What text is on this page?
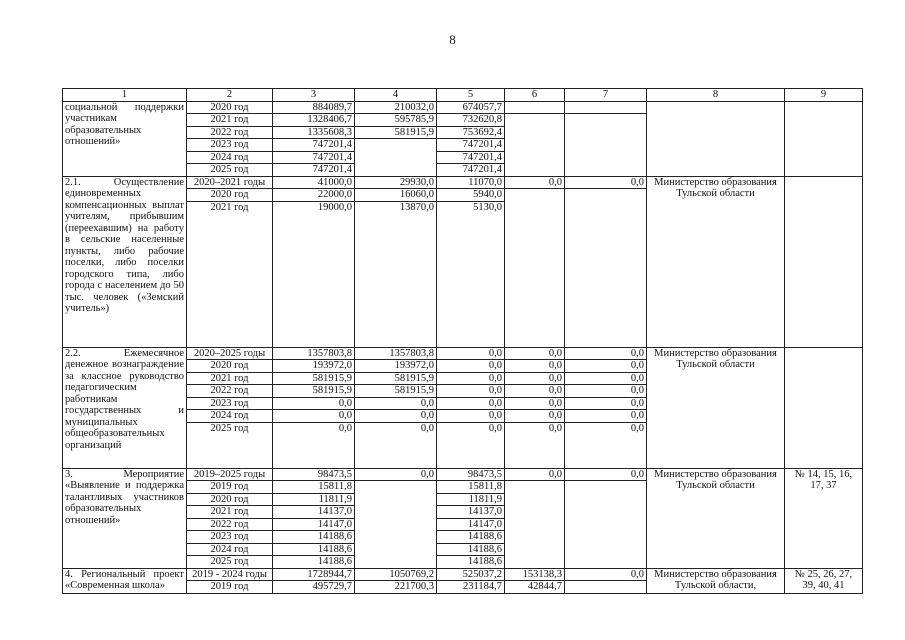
8
1	2	3	4	5	6	7	8	9
социальной поддержки участникам образовательных отношений»	2020 год	884089,7	210032,0	674057,7				
	2021 год	1328406,7	595785,9	732620,8				
	2022 год	1335608,3	581915,9	753692,4				
	2023 год	747201,4		747201,4				
	2024 год	747201,4		747201,4				
	2025 год	747201,4		747201,4				
2.1. Осуществление единовременных компенсационных выплат учителям, прибывшим (переехавшим) на работу в сельские населенные пункты, либо рабочие поселки, либо поселки городского типа, либо города с населением до 50 тыс. человек («Земский учитель»)	2020–2021 годы	41000,0	29930,0	11070,0	0,0	0,0	Министерство образования Тульской области	
	2020 год	22000,0	16060,0	5940,0				
	2021 год	19000,0	13870,0	5130,0				
2.2. Ежемесячное денежное вознаграждение за классное руководство педагогическим работникам государственных и муниципальных общеобразовательных организаций	2020–2025 годы	1357803,8	1357803,8	0,0	0,0	0,0	Министерство образования Тульской области	
	2020 год	193972,0	193972,0	0,0	0,0	0,0		
	2021 год	581915,9	581915,9	0,0	0,0	0,0		
	2022 год	581915,9	581915,9	0,0	0,0	0,0		
	2023 год	0,0	0,0	0,0	0,0	0,0		
	2024 год	0,0	0,0	0,0	0,0	0,0		
	2025 год	0,0	0,0	0,0	0,0	0,0		

3. Мероприятие «Выявление и поддержка талантливых участников образовательных отношений»	2019–2025 годы	98473,5	0,0	98473,5	0,0	0,0	Министерство образования Тульской области	№ 14, 15, 16, 17, 37
	2019 год	15811,8		15811,8				
	2020 год	11811,9		11811,9				
	2021 год	14137,0		14137,0				
	2022 год	14147,0		14147,0				
	2023 год	14188,6		14188,6				
	2024 год	14188,6		14188,6				
	2025 год	14188,6		14188,6				
4. Региональный проект «Современная школа»	2019 - 2024 годы	1728944,7	1050769,2	525037,2	153138,3	0,0	Министерство образования Тульской области,	№ 25, 26, 27, 39, 40, 41
	2019 год	495729,7	221700,3	231184,7	42844,7			
